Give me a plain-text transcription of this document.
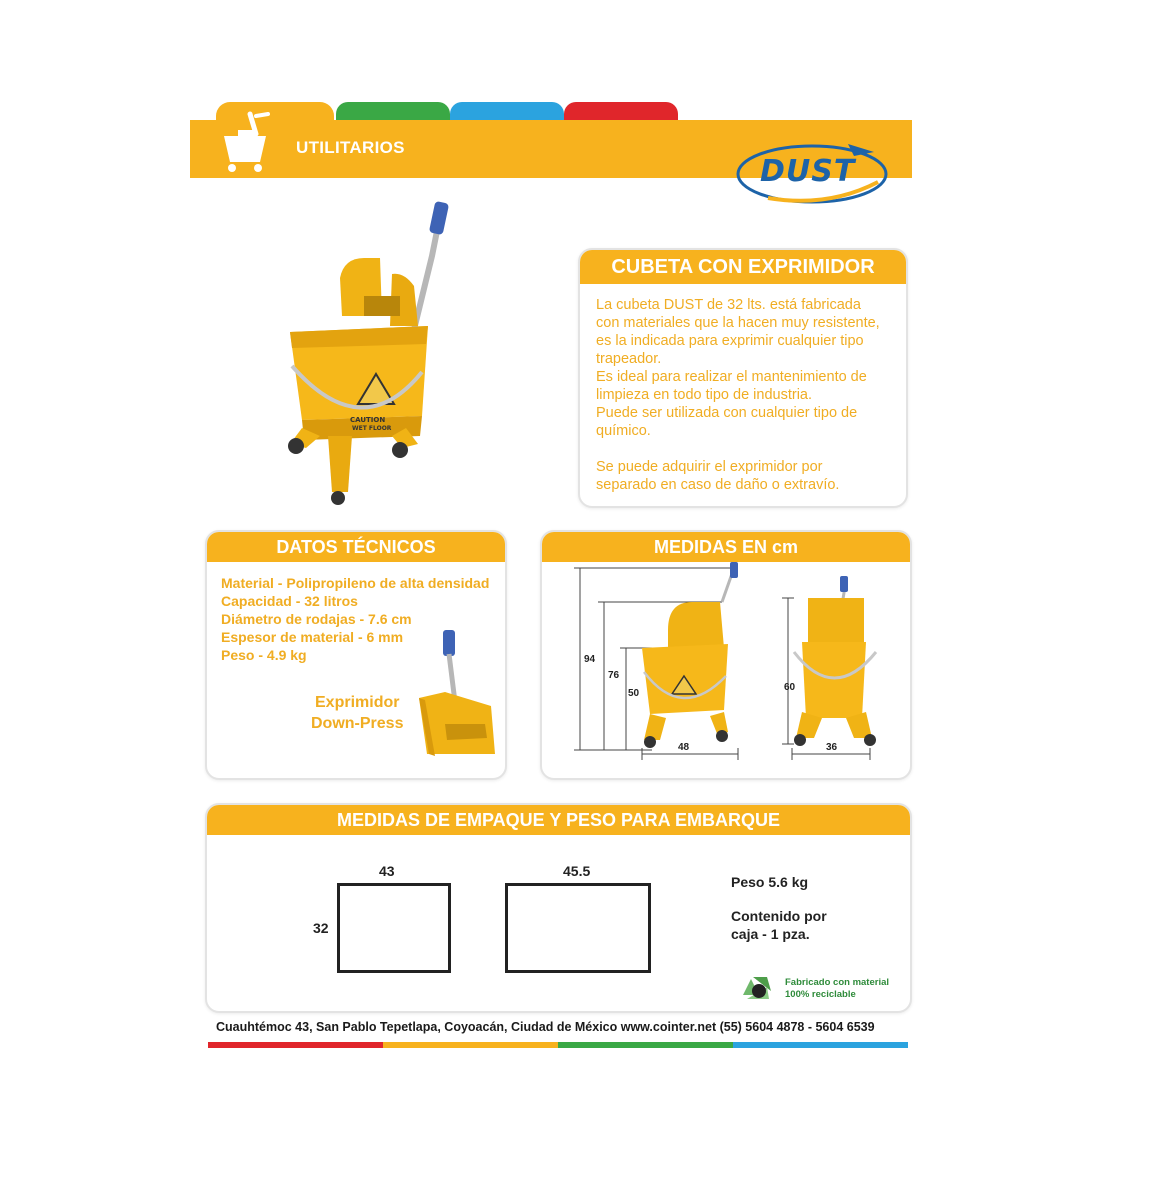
UTILITARIOS
DUST
CAUTION
WET FLOOR
CUBETA CON EXPRIMIDOR

La cubeta DUST de 32 lts. está fabricada

con materiales que la hacen muy resistente,

es la indicada para exprimir cualquier tipo

trapeador.

Es ideal para realizar el mantenimiento de

limpieza en todo tipo de industria.

Puede ser utilizada con cualquier tipo de

químico.

Se puede adquirir el exprimidor por

separado en caso de daño o extravío.

DATOS TÉCNICOS
Material - Polipropileno de alta densidad
Capacidad - 32 litros
Diámetro de rodajas - 7.6 cm
Espesor de material - 6 mm
Peso - 4.9 kg
Exprimidor
Down-Press
MEDIDAS EN cm
94
76
50
48
60
36
MEDIDAS DE EMPAQUE Y PESO PARA EMBARQUE
43
32
45.5
Peso 5.6 kg
Contenido por
caja - 1 pza.
Fabricado con material
100% reciclable
Cuauhtémoc 43, San Pablo Tepetlapa, Coyoacán, Ciudad de México www.cointer.net (55) 5604 4878 - 5604 6539
